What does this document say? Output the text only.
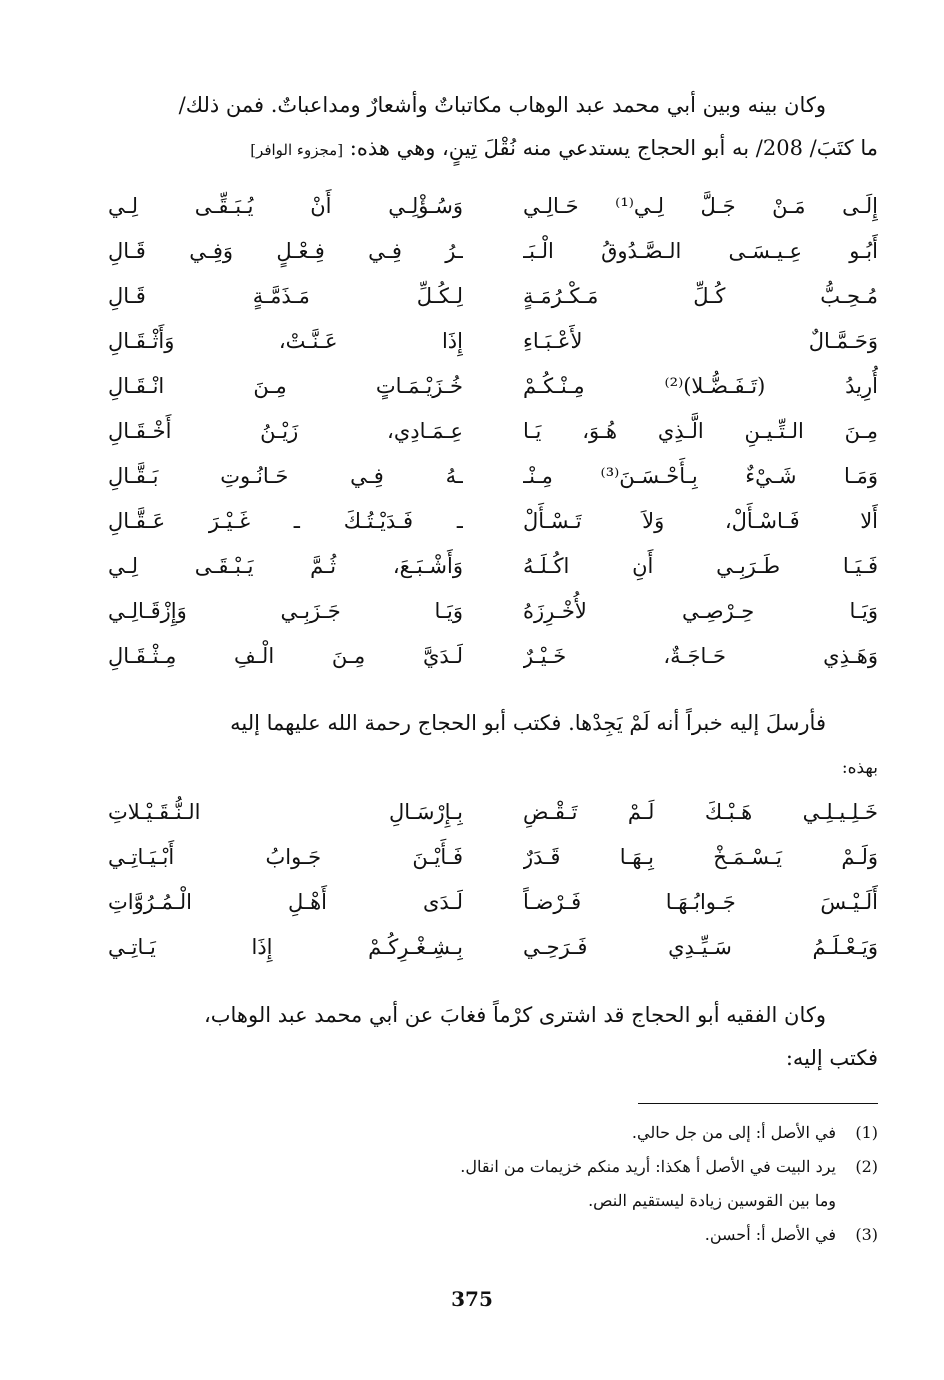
وكان بينه وبين أبي محمد عبد الوهاب مكاتباتٌ وأشعارٌ ومداعباتٌ. فمن ذلك/
ما كتَبَ/ 208/ به أبو الحجاج يستدعي منه نُقْلَ تِينٍ، وهي هذه: [مجزوء الوافر]

إِلَـى مَـنْ جَـلَّ لِـي⁽¹⁾ حَـالِـي
وَسُـؤْلِـي أَنْ يُـبَـقِّـى لِـي
أَبُـو عِـيـسَـى الـصَّـدُوقُ الْـبَـ
ـرُ فِـي فِـعْـلٍ وَفِـي قَـالِ
مُـحِـبُّ كُـلِّ مَـكْـرُمَـةٍ
لِـكُـلِّ مَـذَمَّـةٍ قَـالِ
وَحَـمَّـالٌ لأَعْـبَـاءِ
إِذَا عَـنَّـتْ، وَأَثْـقَـالِ
أُرِيدُ (تَـفَـضُّـلا)⁽²⁾ مِـنْـكُـمْ
خُـزَيْـمَـاتٍ مِـنَ انْـقَـالِ
مِـنَ الـتِّـيـنِ الَّـذِي هُـوَ، يَـا
عِـمَـادِي، زَيْـنُ أَخْـقَـالِ
وَمَـا شَـيْءٌ بِـأَحْـسَـنَ⁽³⁾ مِـنْـ
ـهُ فِـي حَـانُـوتِ بَـقَّـالِ
أَلا فَـاسْـأَلْ، وَلاَ تَـسْـأَلْ
ـ فَـدَيْـتُـكَ ـ غَـيْـرَ عَـقَّـالِ
فَـيَـا طَـرَبِـي أَنِ اكُـلَـهُ
وَأَشْـبَـعَ، ثُـمَّ يَـبْـقَـى لِـي
وَيَـا حِـرْصِـي لأُخْـرِزَهُ
وَيَـا جَـزَبِـي وَإِزْقَـالِـي
وَهَـذِي حَـاجَـةٌ، خَـيْـرٌ
لَـدَيَّ مِـنَ الْـفِ مِـثْـقَـالِ

فأرسلَ إليه خبراً أنه لَمْ يَجِدْها. فكتب أبو الحجاج رحمة الله عليهما إليه
بهذه:

خَـلِـيـلِـي هَـبْـكَ لَـمْ تَـقْـضِ
بِـإِرْسَـالِ الـنُّـقَـيْـلاتِ
وَلَـمْ يَـسْـمَـخْ بِـهَـا قَـدَرٌ
فَـأَيْـنَ جَـوابُ أَبْـيَـاتِـي
أَلَـيْـسَ جَـوابُـهَـا فَـرْضـاً
لَـدَى أَهْـلِ الْـمُـرُوَّاتِ
وَيَـعْـلَـمُ سَـيِّـدِي فَـرَحِـي
بِـشِـغْـرِكُـمْ إِذَا يَـاتِـي

وكان الفقيه أبو الحجاج قد اشترى كرْماً فغابَ عن أبي محمد عبد الوهاب،
فكتب إليه:

(1)في الأصل أ: إلى من جل حالي.
(2)يرد البيت في الأصل أ هكذا: أريد منكم خزيمات من انقال.
وما بين القوسين زيادة ليستقيم النص.
(3)في الأصل أ: أحسن.
375
